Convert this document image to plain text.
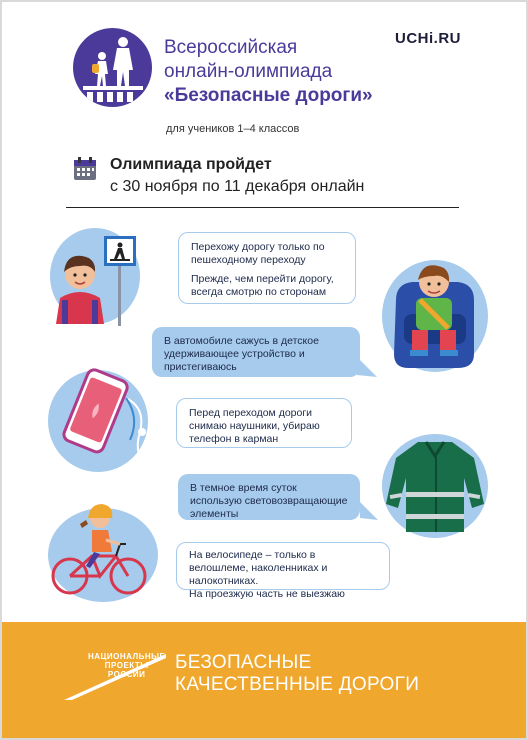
Всероссийская
онлайн-олимпиада
«Безопасные дороги»
UCHi.RU
для учеников 1–4 классов
Олимпиада пройдет
с 30 ноября по 11 декабря онлайн

Перехожу дорогу только по пешеходному переходу

Прежде, чем перейти дорогу, всегда смотрю по сторонам

В автомобиле сажусь в детское удерживающее устройство и пристегиваюсь

Перед переходом дороги снимаю наушники, убираю телефон в карман

В темное время суток использую световозвращающие элементы

На велосипеде – только в велошлеме, наколенниках и налокотниках.

На проезжую часть не выезжаю

НАЦИОНАЛЬНЫЕ
ПРОЕКТЫ
РОССИИ
БЕЗОПАСНЫЕ
КАЧЕСТВЕННЫЕ ДОРОГИ
